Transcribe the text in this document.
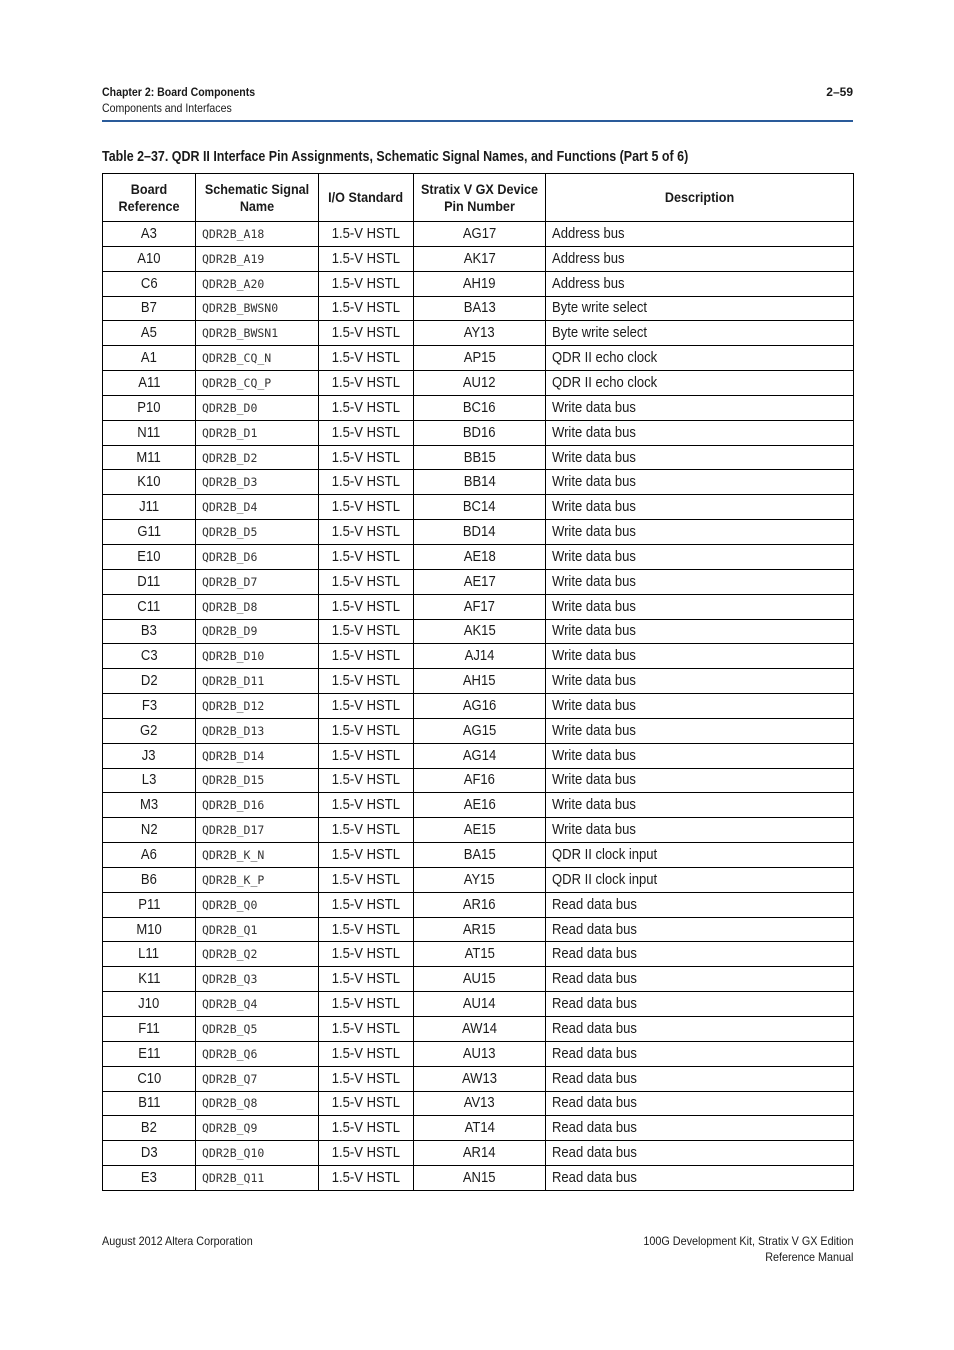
Chapter 2: Board Components
Components and Interfaces
2–59
Table 2–37. QDR II Interface Pin Assignments, Schematic Signal Names, and Functions (Part 5 of 6)
Board Reference	Schematic Signal Name	I/O Standard	Stratix V GX Device Pin Number	Description
A3	QDR2B_A18	1.5-V HSTL	AG17	Address bus
A10	QDR2B_A19	1.5-V HSTL	AK17	Address bus
C6	QDR2B_A20	1.5-V HSTL	AH19	Address bus
B7	QDR2B_BWSN0	1.5-V HSTL	BA13	Byte write select
A5	QDR2B_BWSN1	1.5-V HSTL	AY13	Byte write select
A1	QDR2B_CQ_N	1.5-V HSTL	AP15	QDR II echo clock
A11	QDR2B_CQ_P	1.5-V HSTL	AU12	QDR II echo clock
P10	QDR2B_D0	1.5-V HSTL	BC16	Write data bus
N11	QDR2B_D1	1.5-V HSTL	BD16	Write data bus
M11	QDR2B_D2	1.5-V HSTL	BB15	Write data bus
K10	QDR2B_D3	1.5-V HSTL	BB14	Write data bus
J11	QDR2B_D4	1.5-V HSTL	BC14	Write data bus
G11	QDR2B_D5	1.5-V HSTL	BD14	Write data bus
E10	QDR2B_D6	1.5-V HSTL	AE18	Write data bus
D11	QDR2B_D7	1.5-V HSTL	AE17	Write data bus
C11	QDR2B_D8	1.5-V HSTL	AF17	Write data bus
B3	QDR2B_D9	1.5-V HSTL	AK15	Write data bus
C3	QDR2B_D10	1.5-V HSTL	AJ14	Write data bus
D2	QDR2B_D11	1.5-V HSTL	AH15	Write data bus
F3	QDR2B_D12	1.5-V HSTL	AG16	Write data bus
G2	QDR2B_D13	1.5-V HSTL	AG15	Write data bus
J3	QDR2B_D14	1.5-V HSTL	AG14	Write data bus
L3	QDR2B_D15	1.5-V HSTL	AF16	Write data bus
M3	QDR2B_D16	1.5-V HSTL	AE16	Write data bus
N2	QDR2B_D17	1.5-V HSTL	AE15	Write data bus
A6	QDR2B_K_N	1.5-V HSTL	BA15	QDR II clock input
B6	QDR2B_K_P	1.5-V HSTL	AY15	QDR II clock input
P11	QDR2B_Q0	1.5-V HSTL	AR16	Read data bus
M10	QDR2B_Q1	1.5-V HSTL	AR15	Read data bus
L11	QDR2B_Q2	1.5-V HSTL	AT15	Read data bus
K11	QDR2B_Q3	1.5-V HSTL	AU15	Read data bus
J10	QDR2B_Q4	1.5-V HSTL	AU14	Read data bus
F11	QDR2B_Q5	1.5-V HSTL	AW14	Read data bus
E11	QDR2B_Q6	1.5-V HSTL	AU13	Read data bus
C10	QDR2B_Q7	1.5-V HSTL	AW13	Read data bus
B11	QDR2B_Q8	1.5-V HSTL	AV13	Read data bus
B2	QDR2B_Q9	1.5-V HSTL	AT14	Read data bus
D3	QDR2B_Q10	1.5-V HSTL	AR14	Read data bus
E3	QDR2B_Q11	1.5-V HSTL	AN15	Read data bus
August 2012 Altera Corporation	100G Development Kit, Stratix V GX Edition
Reference Manual
